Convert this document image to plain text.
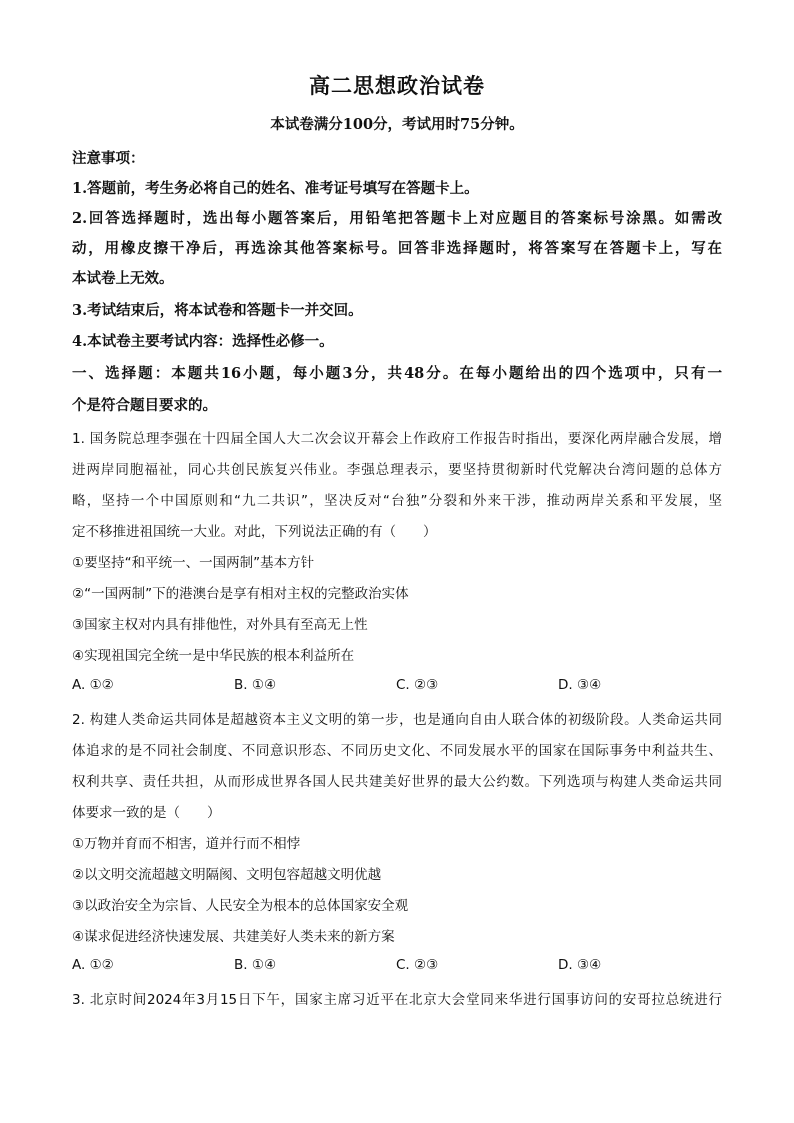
高二思想政治试卷
本试卷满分100分，考试用时75分钟。
注意事项：
1.答题前，考生务必将自己的姓名、准考证号填写在答题卡上。
2.回答选择题时，选出每小题答案后，用铅笔把答题卡上对应题目的答案标号涂黑。如需改
动，用橡皮擦干净后，再选涂其他答案标号。回答非选择题时，将答案写在答题卡上，写在
本试卷上无效。
3.考试结束后，将本试卷和答题卡一并交回。
4.本试卷主要考试内容：选择性必修一。
一、选择题：本题共16小题，每小题3分，共48分。在每小题给出的四个选项中，只有一
个是符合题目要求的。
1. 国务院总理李强在十四届全国人大二次会议开幕会上作政府工作报告时指出，要深化两岸融合发展，增
进两岸同胞福祉，同心共创民族复兴伟业。李强总理表示，要坚持贯彻新时代党解决台湾问题的总体方
略，坚持一个中国原则和“九二共识”，坚决反对“台独”分裂和外来干涉，推动两岸关系和平发展，坚
定不移推进祖国统一大业。对此，下列说法正确的有（　　）
①要坚持“和平统一、一国两制”基本方针
②“一国两制”下的港澳台是享有相对主权的完整政治实体
③国家主权对内具有排他性，对外具有至高无上性
④实现祖国完全统一是中华民族的根本利益所在
A. ①②	B. ①④	C. ②③	D. ③④
2. 构建人类命运共同体是超越资本主义文明的第一步，也是通向自由人联合体的初级阶段。人类命运共同
体追求的是不同社会制度、不同意识形态、不同历史文化、不同发展水平的国家在国际事务中利益共生、
权利共享、责任共担，从而形成世界各国人民共建美好世界的最大公约数。下列选项与构建人类命运共同
体要求一致的是（　　）
①万物并育而不相害，道并行而不相悖
②以文明交流超越文明隔阂、文明包容超越文明优越
③以政治安全为宗旨、人民安全为根本的总体国家安全观
④谋求促进经济快速发展、共建美好人类未来的新方案
A. ①②	B. ①④	C. ②③	D. ③④
3. 北京时间2024年3月15日下午，国家主席习近平在北京大会堂同来华进行国事访问的安哥拉总统进行
